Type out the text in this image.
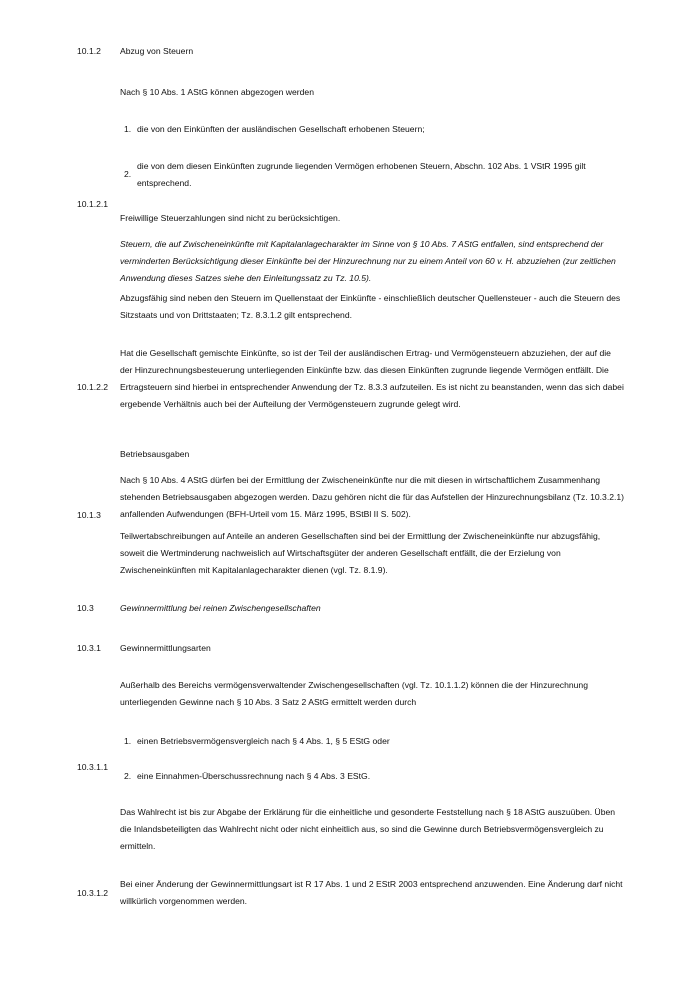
10.1.2 Abzug von Steuern

Nach § 10 Abs. 1 AStG können abgezogen werden

1. die von den Einkünften der ausländischen Gesellschaft erhobenen Steuern;
2.
die von dem diesen Einkünften zugrunde liegenden Vermögen erhobenen Steuern, Abschn. 102 Abs. 1 VStR 1995 gilt entsprechend.
10.1.2.1

Freiwillige Steuerzahlungen sind nicht zu berücksichtigen.

Steuern, die auf Zwischeneinkünfte mit Kapitalanlagecharakter im Sinne von § 10 Abs. 7 AStG entfallen, sind entsprechend der verminderten Berücksichtigung dieser Einkünfte bei der Hinzurechnung nur zu einem Anteil von 60 v. H. abzuziehen (zur zeitlichen Anwendung dieses Satzes siehe den Einleitungssatz zu Tz. 10.5).

Abzugsfähig sind neben den Steuern im Quellenstaat der Einkünfte - einschließlich deutscher Quellensteuer - auch die Steuern des Sitzstaats und von Drittstaaten; Tz. 8.3.1.2 gilt entsprechend.

10.1.2.2

Hat die Gesellschaft gemischte Einkünfte, so ist der Teil der ausländischen Ertrag- und Vermögensteuern abzuziehen, der auf die der Hinzurechnungsbesteuerung unterliegenden Einkünfte bzw. das diesen Einkünften zugrunde liegende Vermögen entfällt. Die Ertragsteuern sind hierbei in entsprechender Anwendung der Tz. 8.3.3 aufzuteilen. Es ist nicht zu beanstanden, wenn das sich dabei ergebende Verhältnis auch bei der Aufteilung der Vermögensteuern zugrunde gelegt wird.

Betriebsausgaben
10.1.3

Nach § 10 Abs. 4 AStG dürfen bei der Ermittlung der Zwischeneinkünfte nur die mit diesen in wirtschaftlichem Zusammenhang stehenden Betriebsausgaben abgezogen werden. Dazu gehören nicht die für das Aufstellen der Hinzurechnungsbilanz (Tz. 10.3.2.1) anfallenden Aufwendungen (BFH-Urteil vom 15. März 1995, BStBl II S. 502).

Teilwertabschreibungen auf Anteile an anderen Gesellschaften sind bei der Ermittlung der Zwischeneinkünfte nur abzugsfähig, soweit die Wertminderung nachweislich auf Wirtschaftsgüter der anderen Gesellschaft entfällt, die der Erzielung von Zwischeneinkünften mit Kapitalanlagecharakter dienen (vgl. Tz. 8.1.9).

10.3	Gewinnermittlung bei reinen Zwischengesellschaften
10.3.1 Gewinnermittlungsarten

Außerhalb des Bereichs vermögensverwaltender Zwischengesellschaften (vgl. Tz. 10.1.1.2) können die der Hinzurechnung unterliegenden Gewinne nach § 10 Abs. 3 Satz 2 AStG ermittelt werden durch

1. einen Betriebsvermögensvergleich nach § 4 Abs. 1, § 5 EStG oder
10.3.1.1
2. eine Einnahmen-Überschussrechnung nach § 4 Abs. 3 EStG.

Das Wahlrecht ist bis zur Abgabe der Erklärung für die einheitliche und gesonderte Feststellung nach § 18 AStG auszuüben. Üben die Inlandsbeteiligten das Wahlrecht nicht oder nicht einheitlich aus, so sind die Gewinne durch Betriebsvermögensvergleich zu ermitteln.

10.3.1.2

Bei einer Änderung der Gewinnermittlungsart ist R 17 Abs. 1 und 2 EStR 2003 entsprechend anzuwenden. Eine Änderung darf nicht willkürlich vorgenommen werden.
